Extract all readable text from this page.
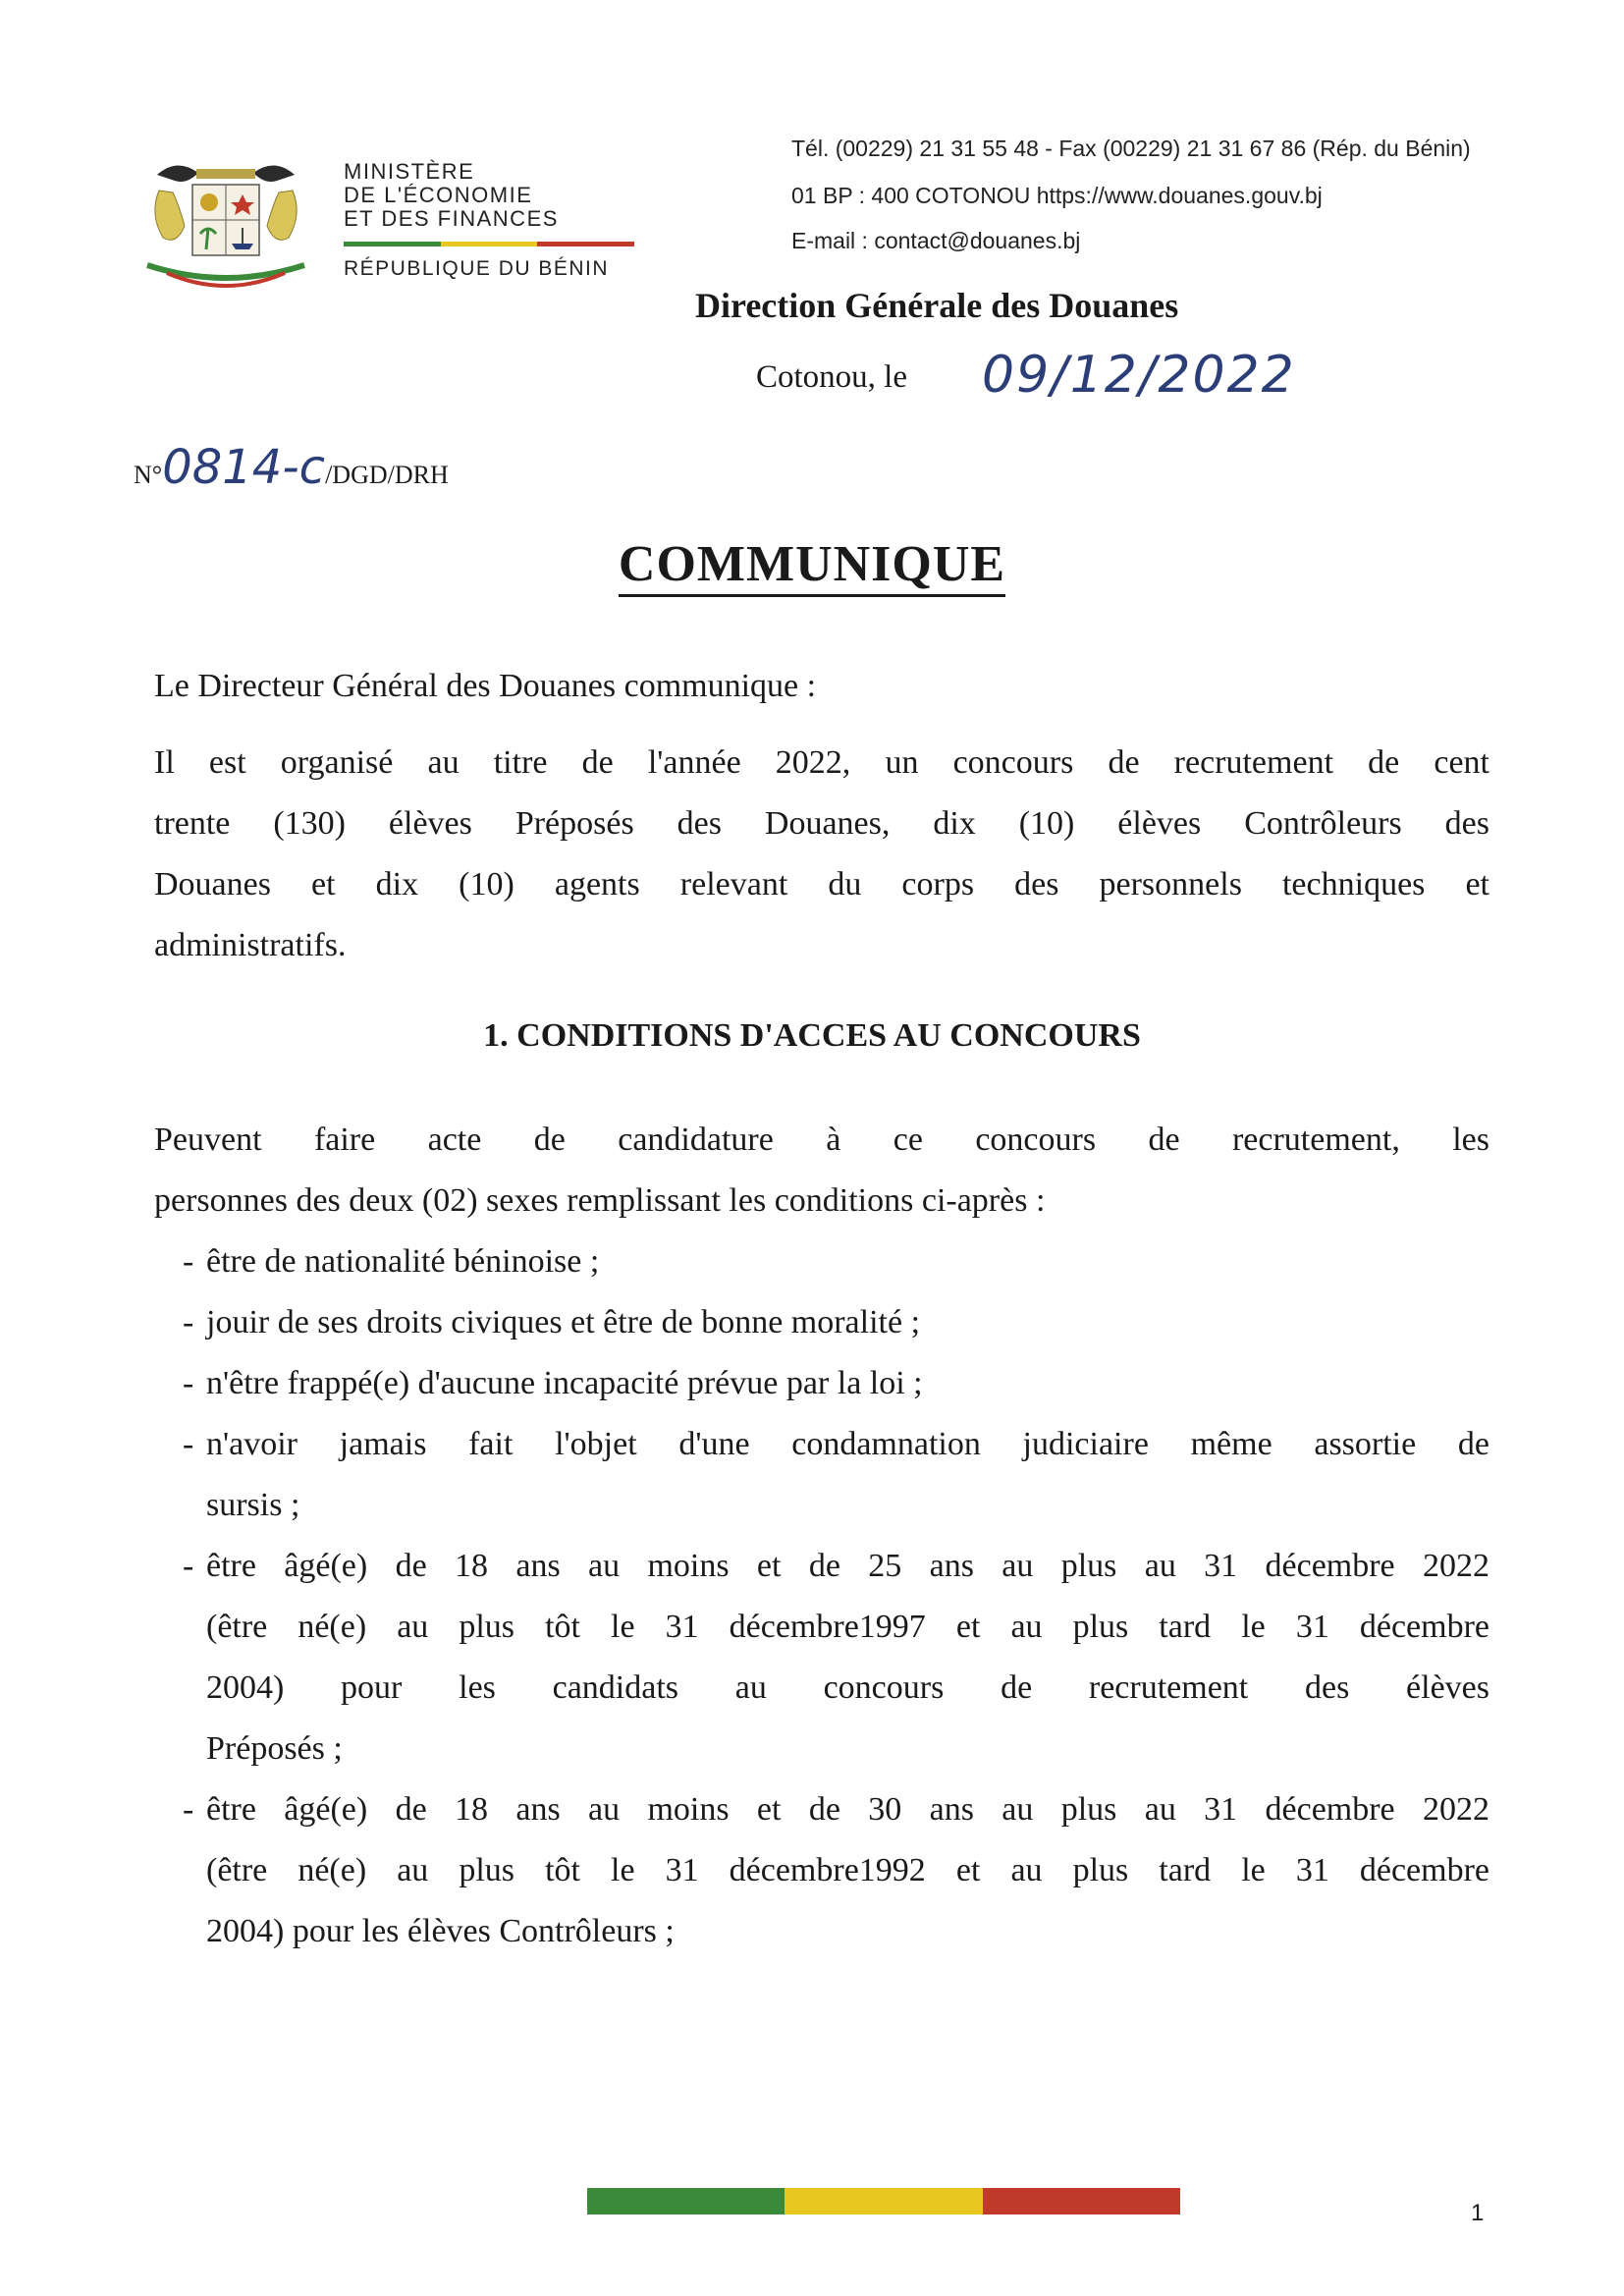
MINISTÈRE
DE L'ÉCONOMIE
ET DES FINANCES
RÉPUBLIQUE DU BÉNIN
Tél. (00229) 21 31 55 48 - Fax (00229) 21 31 67 86 (Rép. du Bénin)
01 BP : 400 COTONOU https://www.douanes.gouv.bj
E-mail : contact@douanes.bj
Direction Générale des Douanes
Cotonou, le 09/12/2022
N°0814-c/DGD/DRH
COMMUNIQUE
Le Directeur Général des Douanes communique :
Il est organisé au titre de l'année 2022, un concours de recrutement de cent
trente (130) élèves Préposés des Douanes, dix (10) élèves Contrôleurs des
Douanes et dix (10) agents relevant du corps des personnels techniques et
administratifs.
1. CONDITIONS D'ACCES AU CONCOURS
Peuvent faire acte de candidature à ce concours de recrutement, les
personnes des deux (02) sexes remplissant les conditions ci-après :
- être de nationalité béninoise ;
- jouir de ses droits civiques et être de bonne moralité ;
- n'être frappé(e) d'aucune incapacité prévue par la loi ;
- n'avoir jamais fait l'objet d'une condamnation judiciaire même assortie de
sursis ;
- être âgé(e) de 18 ans au moins et de 25 ans au plus au 31 décembre 2022
(être né(e) au plus tôt le 31 décembre1997 et au plus tard le 31 décembre
2004) pour les candidats au concours de recrutement des élèves
Préposés ;
- être âgé(e) de 18 ans au moins et de 30 ans au plus au 31 décembre 2022
(être né(e) au plus tôt le 31 décembre1992 et au plus tard le 31 décembre
2004) pour les élèves Contrôleurs ;
1
